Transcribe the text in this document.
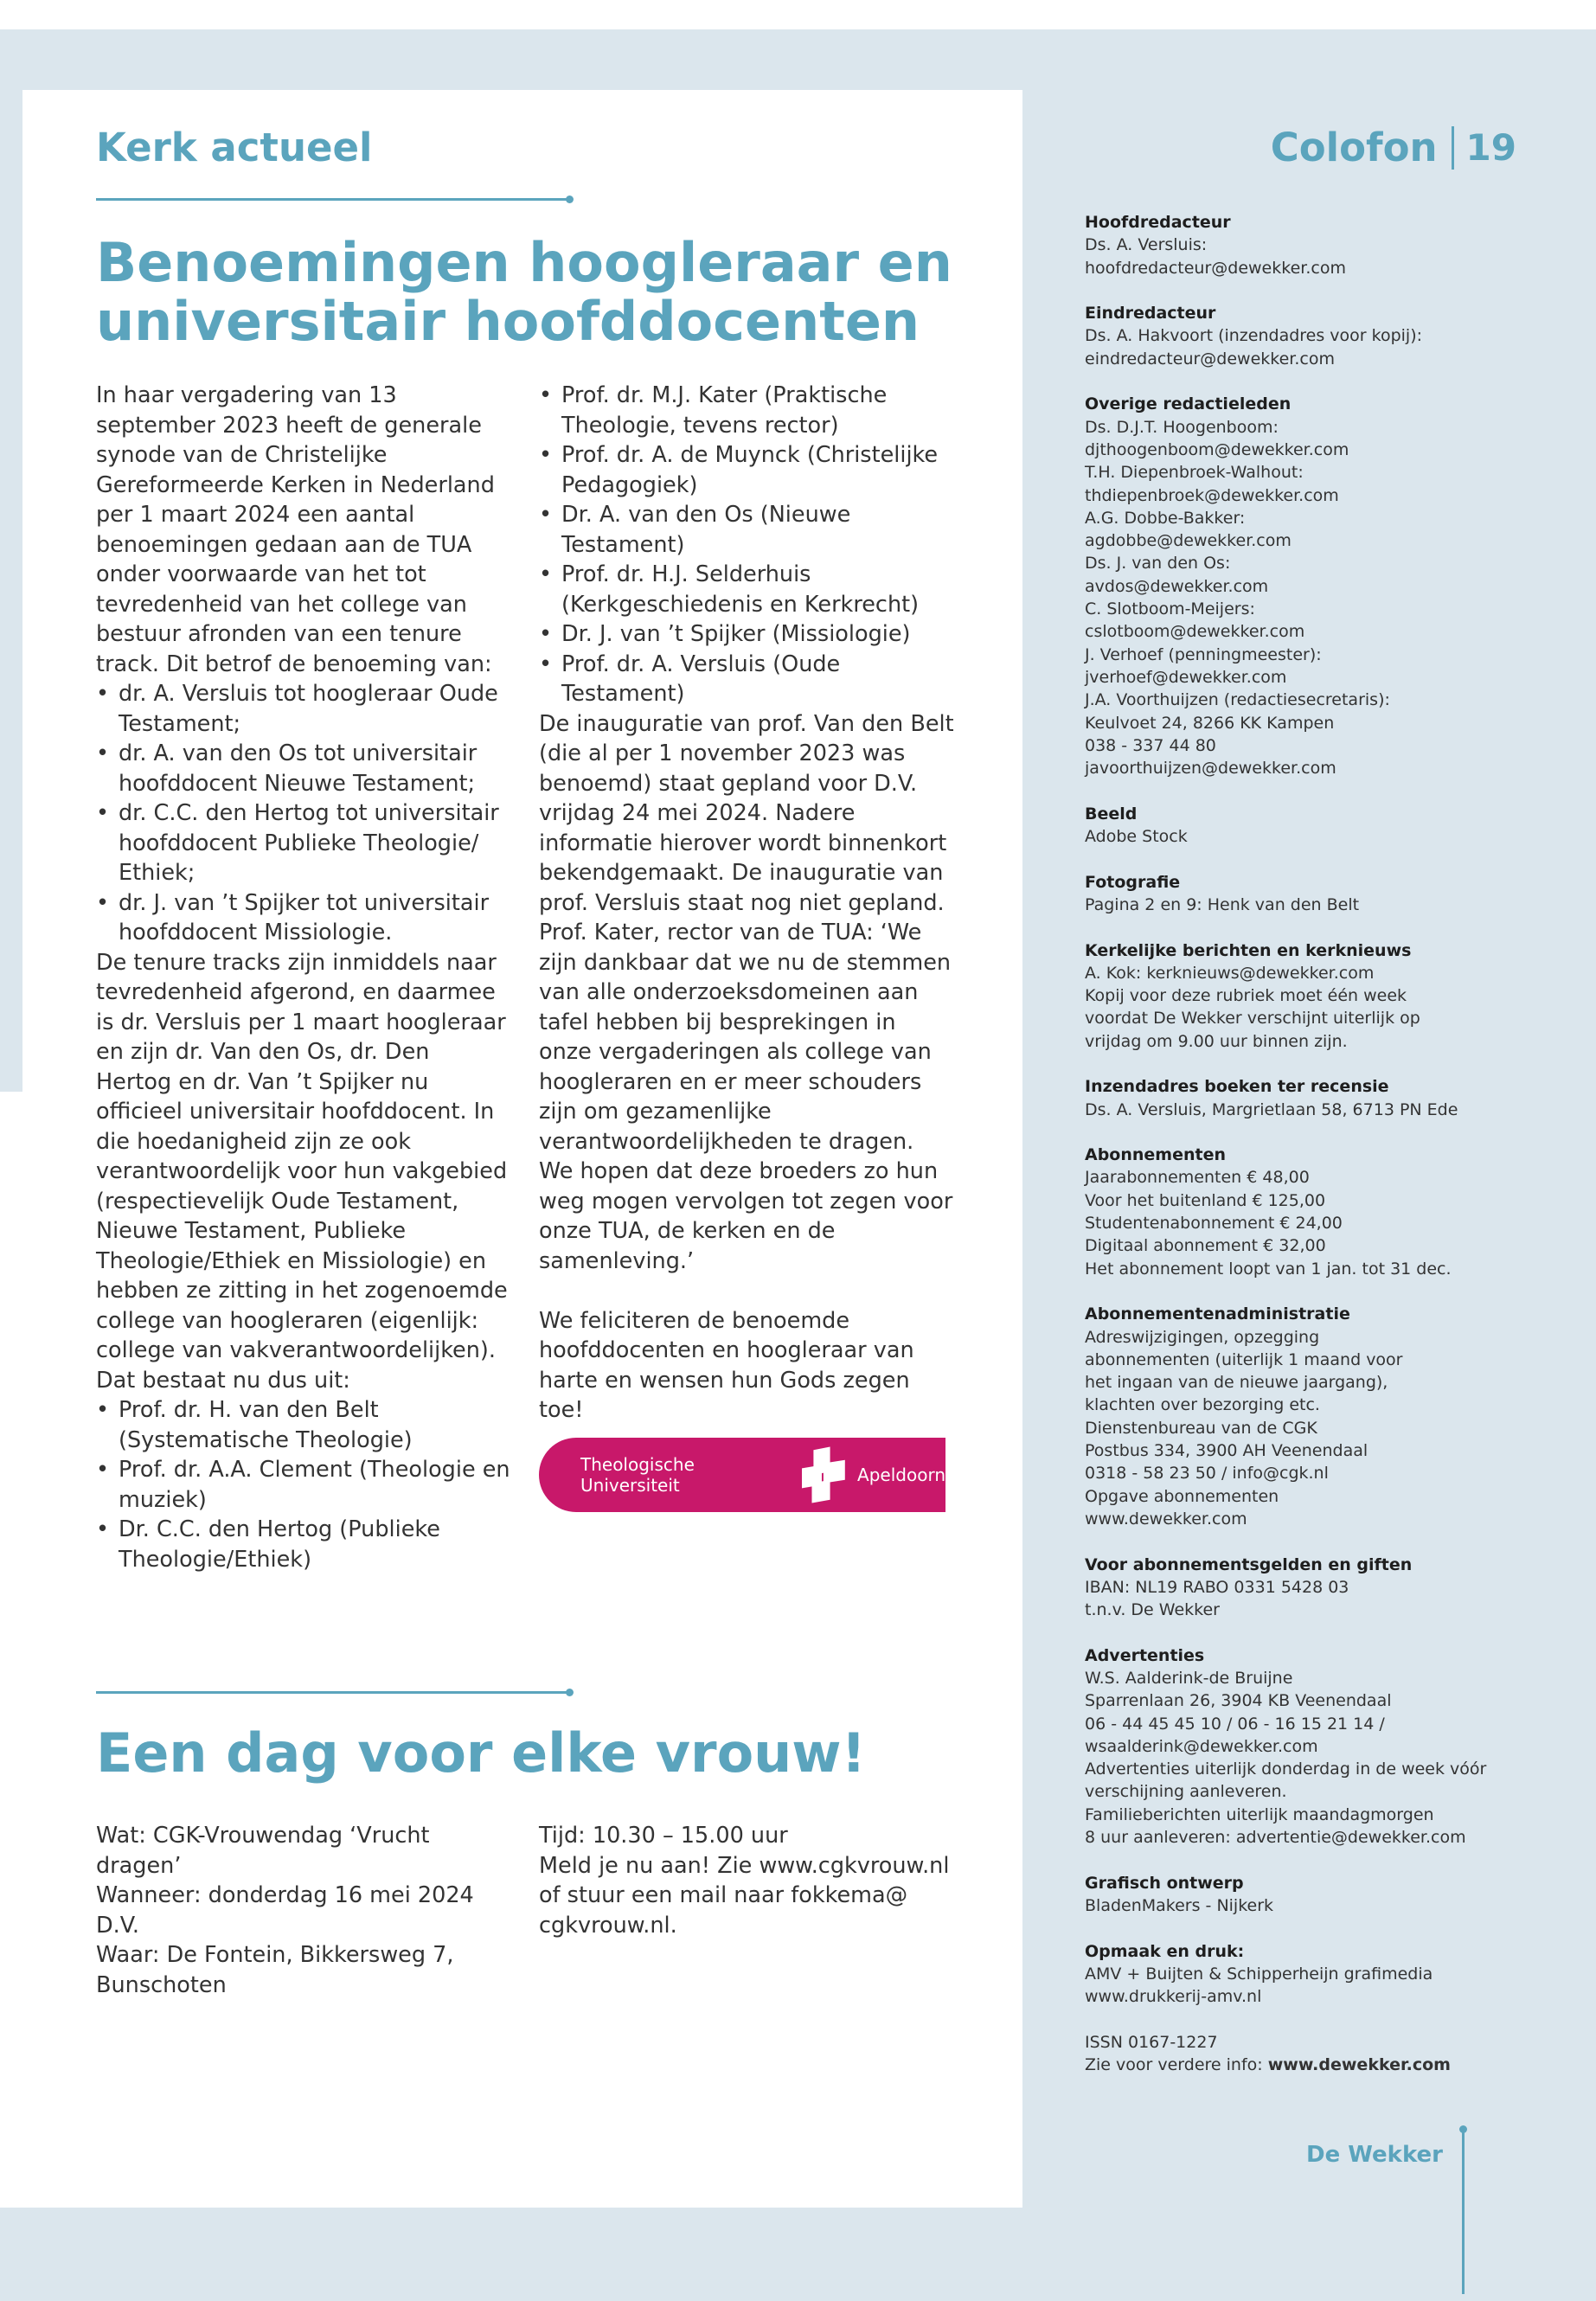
Kerk actueel	Colofon 19
Benoemingen hoogleraar en universitair hoofddocenten

In haar vergadering van 13 september 2023 heeft de generale synode van de Christelijke Gereformeerde Kerken in Nederland per 1 maart 2024 een aantal benoemingen gedaan aan de TUA onder voorwaarde van het tot tevredenheid van het college van bestuur afronden van een tenure track. Dit betrof de benoeming van:

• dr. A. Versluis tot hoogleraar Oude Testament;
• dr. A. van den Os tot universitair hoofddocent Nieuwe Testament;
• dr. C.C. den Hertog tot universitair hoofddocent Publieke Theologie/ Ethiek;
• dr. J. van ’t Spijker tot universitair hoofddocent Missiologie.

De tenure tracks zijn inmiddels naar tevredenheid afgerond, en daarmee is dr. Versluis per 1 maart hoogleraar en zijn dr. Van den Os, dr. Den Hertog en dr. Van ’t Spijker nu officieel universitair hoofddocent. In die hoedanigheid zijn ze ook verantwoordelijk voor hun vakgebied (respectievelijk Oude Testament, Nieuwe Testament, Publieke Theologie/Ethiek en Missiologie) en hebben ze zitting in het zogenoemde college van hoogleraren (eigenlijk: college van vakverantwoordelijken).

Dat bestaat nu dus uit:

• Prof. dr. H. van den Belt (Systematische Theologie)
• Prof. dr. A.A. Clement (Theologie en muziek)
• Dr. C.C. den Hertog (Publieke Theologie/Ethiek)
• Prof. dr. M.J. Kater (Praktische Theologie, tevens rector)
• Prof. dr. A. de Muynck (Christelijke Pedagogiek)
• Dr. A. van den Os (Nieuwe Testament)
• Prof. dr. H.J. Selderhuis (Kerkgeschiedenis en Kerkrecht)
• Dr. J. van ’t Spijker (Missiologie)
• Prof. dr. A. Versluis (Oude Testament)

De inauguratie van prof. Van den Belt (die al per 1 november 2023 was benoemd) staat gepland voor D.V. vrijdag 24 mei 2024. Nadere informatie hierover wordt binnenkort bekendgemaakt. De inauguratie van prof. Versluis staat nog niet gepland.

Prof. Kater, rector van de TUA: ‘We zijn dankbaar dat we nu de stemmen van alle onderzoeksdomeinen aan tafel hebben bij besprekingen in onze vergaderingen als college van hoogleraren en er meer schouders zijn om gezamenlijke verantwoordelijkheden te dragen. We hopen dat deze broeders zo hun weg mogen vervolgen tot zegen voor onze TUA, de kerken en de samenleving.’

We feliciteren de benoemde hoofddocenten en hoogleraar van harte en wensen hun Gods zegen toe!

Theologische Universiteit	Apeldoorn
Een dag voor elke vrouw!

Wat: CGK-Vrouwendag ‘Vrucht dragen’

Wanneer: donderdag 16 mei 2024 D.V.

Waar: De Fontein, Bikkersweg 7, Bunschoten

Tijd: 10.30 – 15.00 uur

Meld je nu aan! Zie www.cgkvrouw.nl of stuur een mail naar fokkema@ cgkvrouw.nl.

Hoofdredacteur
Ds. A. Versluis:
hoofdredacteur@dewekker.com
Eindredacteur
Ds. A. Hakvoort (inzendadres voor kopij):
eindredacteur@dewekker.com
Overige redactieleden
Ds. D.J.T. Hoogenboom:
djthoogenboom@dewekker.com
T.H. Diepenbroek-Walhout:
thdiepenbroek@dewekker.com
A.G. Dobbe-Bakker:
agdobbe@dewekker.com
Ds. J. van den Os:
avdos@dewekker.com
C. Slotboom-Meijers:
cslotboom@dewekker.com
J. Verhoef (penningmeester):
jverhoef@dewekker.com
J.A. Voorthuijzen (redactiesecretaris):
Keulvoet 24, 8266 KK Kampen
038 - 337 44 80
javoorthuijzen@dewekker.com
Beeld
Adobe Stock
Fotografie
Pagina 2 en 9: Henk van den Belt
Kerkelijke berichten en kerknieuws
A. Kok: kerknieuws@dewekker.com
Kopij voor deze rubriek moet één week
voordat De Wekker verschijnt uiterlijk op
vrijdag om 9.00 uur binnen zijn.
Inzendadres boeken ter recensie
Ds. A. Versluis, Margrietlaan 58, 6713 PN Ede
Abonnementen
Jaarabonnementen € 48,00
Voor het buitenland € 125,00
Studentenabonnement € 24,00
Digitaal abonnement € 32,00
Het abonnement loopt van 1 jan. tot 31 dec.
Abonnementenadministratie
Adreswijzigingen, opzegging
abonnementen (uiterlijk 1 maand voor
het ingaan van de nieuwe jaargang),
klachten over bezorging etc.
Dienstenbureau van de CGK
Postbus 334, 3900 AH Veenendaal
0318 - 58 23 50 / info@cgk.nl
Opgave abonnementen
www.dewekker.com
Voor abonnementsgelden en giften
IBAN: NL19 RABO 0331 5428 03
t.n.v. De Wekker
Advertenties
W.S. Aalderink-de Bruijne
Sparrenlaan 26, 3904 KB Veenendaal
06 - 44 45 45 10 / 06 - 16 15 21 14 /
wsaalderink@dewekker.com
Advertenties uiterlijk donderdag in de week vóór
verschijning aanleveren.
Familieberichten uiterlijk maandagmorgen
8 uur aanleveren: advertentie@dewekker.com
Grafisch ontwerp
BladenMakers - Nijkerk
Opmaak en druk:
AMV + Buijten & Schipperheijn grafimedia
www.drukkerij-amv.nl
ISSN 0167-1227
Zie voor verdere info: www.dewekker.com
De Wekker
